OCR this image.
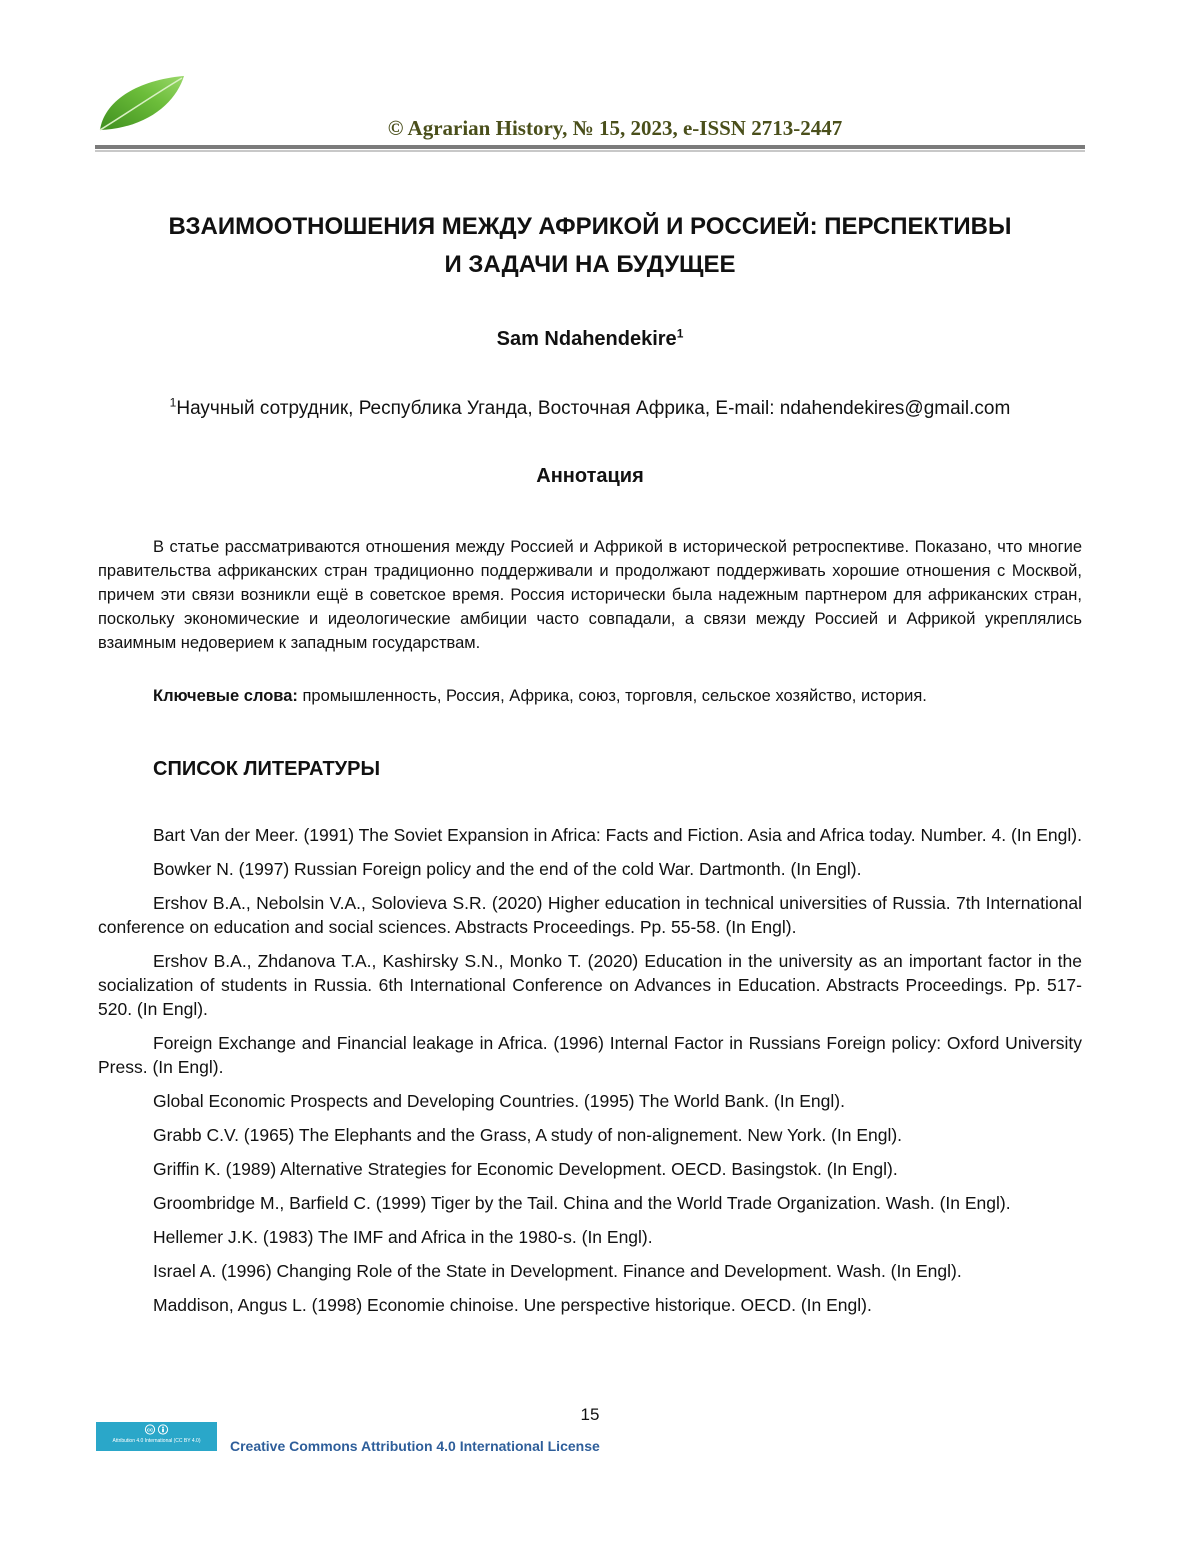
© Agrarian History, № 15, 2023, e-ISSN 2713-2447
ВЗАИМООТНОШЕНИЯ МЕЖДУ АФРИКОЙ И РОССИЕЙ: ПЕРСПЕКТИВЫ
И ЗАДАЧИ НА БУДУЩЕЕ
Sam Ndahendekire$^1$
$^1$Научный сотрудник, Республика Уганда, Восточная Африка, E-mail: ndahendekires@gmail.com
Аннотация

В статье рассматриваются отношения между Россией и Африкой в исторической ретроспективе. Показано, что многие правительства африканских стран традиционно поддерживали и продолжают поддерживать хорошие отношения с Москвой, причем эти связи возникли ещё в советское время. Россия исторически была надежным партнером для африканских стран, поскольку экономические и идеологические амбиции часто совпадали, а связи между Россией и Африкой укреплялись взаимным недоверием к западным государствам.

Ключевые слова: промышленность, Россия, Африка, союз, торговля, сельское хозяйство, история.

СПИСОК ЛИТЕРАТУРЫ

Bart Van der Meer. (1991) The Soviet Expansion in Africa: Facts and Fiction. Asia and Africa today. Number. 4. (In Engl).

Bowker N. (1997) Russian Foreign policy and the end of the cold War. Dartmonth. (In Engl).

Ershov B.A., Nebolsin V.A., Solovieva S.R. (2020) Higher education in technical universities of Russia. 7th International conference on education and social sciences. Abstracts Proceedings. Pp. 55-58. (In Engl).

Ershov B.A., Zhdanova T.A., Kashirsky S.N., Monko T. (2020) Education in the university as an important factor in the socialization of students in Russia. 6th International Conference on Advances in Education. Abstracts Proceedings. Pp. 517-520. (In Engl).

Foreign Exchange and Financial leakage in Africa. (1996) Internal Factor in Russians Foreign policy: Oxford University Press. (In Engl).

Global Economic Prospects and Developing Countries. (1995) The World Bank. (In Engl).

Grabb C.V. (1965) The Elephants and the Grass, A study of non-alignement. New York. (In Engl).

Griffin K. (1989) Alternative Strategies for Economic Development. OECD. Basingstok. (In Engl).

Groombridge M., Barfield C. (1999) Tiger by the Tail. China and the World Trade Organization. Wash. (In Engl).

Hellemer J.K. (1983) The IMF and Africa in the 1980-s. (In Engl).

Israel A. (1996) Changing Role of the State in Development. Finance and Development. Wash. (In Engl).

Maddison, Angus L. (1998) Economie chinoise. Une perspective historique. OECD. (In Engl).

15
cc
Attribution 4.0 International (CC BY 4.0)	Creative Commons Attribution 4.0 International License
